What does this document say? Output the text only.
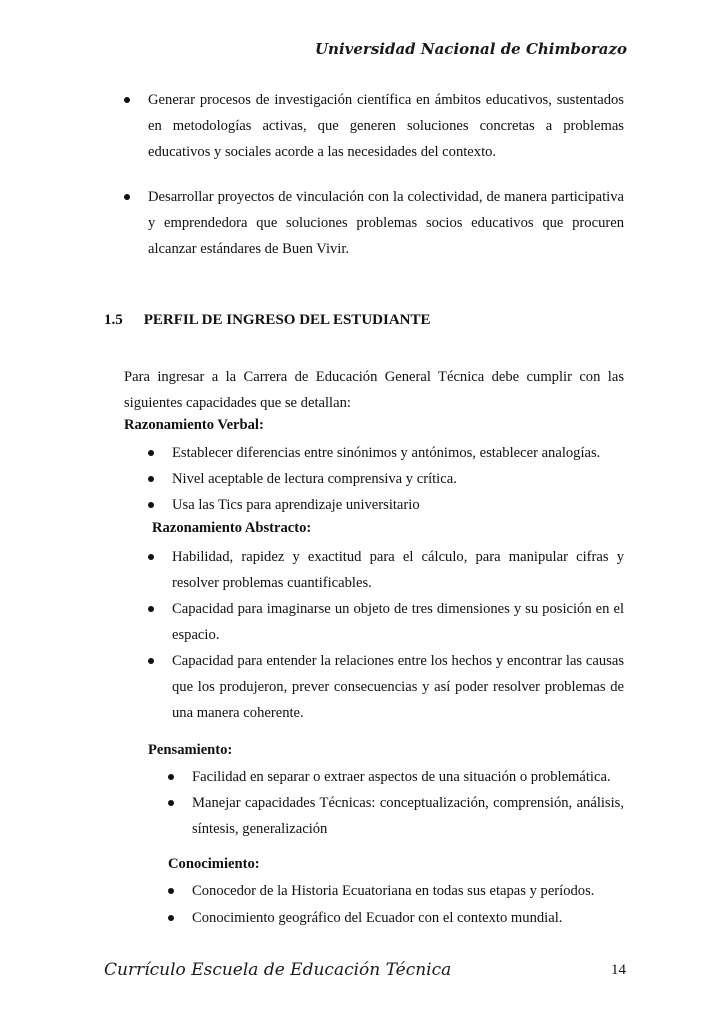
Universidad Nacional de Chimborazo
Generar procesos de investigación científica en ámbitos educativos, sustentados en metodologías activas, que generen soluciones concretas a problemas educativos y sociales acorde a las necesidades del contexto.
Desarrollar proyectos de vinculación con la colectividad, de manera participativa y emprendedora que soluciones problemas socios educativos que procuren alcanzar estándares de Buen Vivir.
1.5 PERFIL DE INGRESO DEL ESTUDIANTE
Para ingresar a la Carrera de Educación General Técnica debe cumplir con las siguientes capacidades que se detallan:
Razonamiento Verbal:
Establecer diferencias entre sinónimos y antónimos, establecer analogías.
Nivel aceptable de lectura comprensiva y crítica.
Usa las Tics para aprendizaje universitario
Razonamiento Abstracto:
Habilidad, rapidez y exactitud para el cálculo, para manipular cifras y resolver problemas cuantificables.
Capacidad para imaginarse un objeto de tres dimensiones y su posición en el espacio.
Capacidad para entender la relaciones entre los hechos y encontrar las causas que los produjeron, prever consecuencias y así poder resolver problemas de una manera coherente.
Pensamiento:
Facilidad en separar o extraer aspectos de una situación o problemática.
Manejar capacidades Técnicas: conceptualización, comprensión, análisis, síntesis, generalización
Conocimiento:
Conocedor de la Historia Ecuatoriana en todas sus etapas y períodos.
Conocimiento geográfico del Ecuador con el contexto mundial.
Currículo Escuela de Educación Técnica	14
